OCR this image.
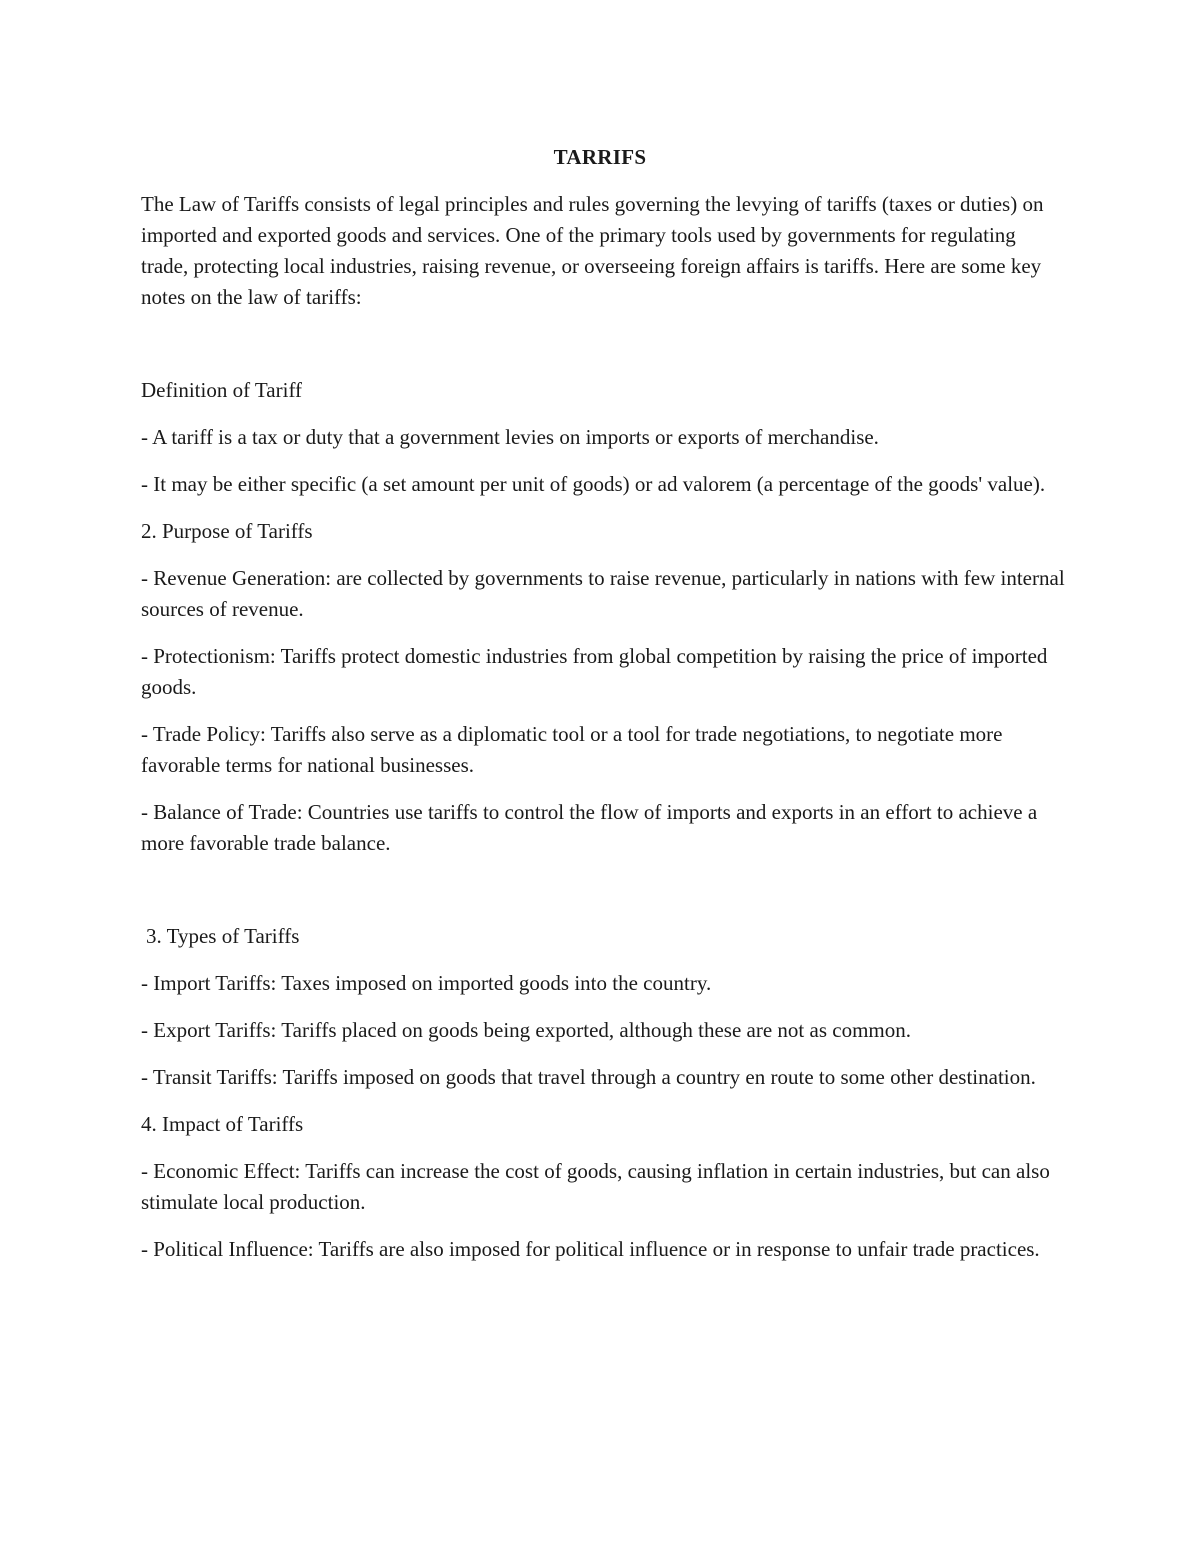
TARRIFS

The Law of Tariffs consists of legal principles and rules governing the levying of tariffs (taxes or duties) on imported and exported goods and services. One of the primary tools used by governments for regulating trade, protecting local industries, raising revenue, or overseeing foreign affairs is tariffs. Here are some key notes on the law of tariffs:

Definition of Tariff

- A tariff is a tax or duty that a government levies on imports or exports of merchandise.

- It may be either specific (a set amount per unit of goods) or ad valorem (a percentage of the goods' value).

2. Purpose of Tariffs

- Revenue Generation: are collected by governments to raise revenue, particularly in nations with few internal sources of revenue.

- Protectionism: Tariffs protect domestic industries from global competition by raising the price of imported goods.

- Trade Policy: Tariffs also serve as a diplomatic tool or a tool for trade negotiations, to negotiate more favorable terms for national businesses.

- Balance of Trade: Countries use tariffs to control the flow of imports and exports in an effort to achieve a more favorable trade balance.

3. Types of Tariffs

- Import Tariffs: Taxes imposed on imported goods into the country.

- Export Tariffs: Tariffs placed on goods being exported, although these are not as common.

- Transit Tariffs: Tariffs imposed on goods that travel through a country en route to some other destination.

4. Impact of Tariffs

- Economic Effect: Tariffs can increase the cost of goods, causing inflation in certain industries, but can also stimulate local production.

- Political Influence: Tariffs are also imposed for political influence or in response to unfair trade practices.
